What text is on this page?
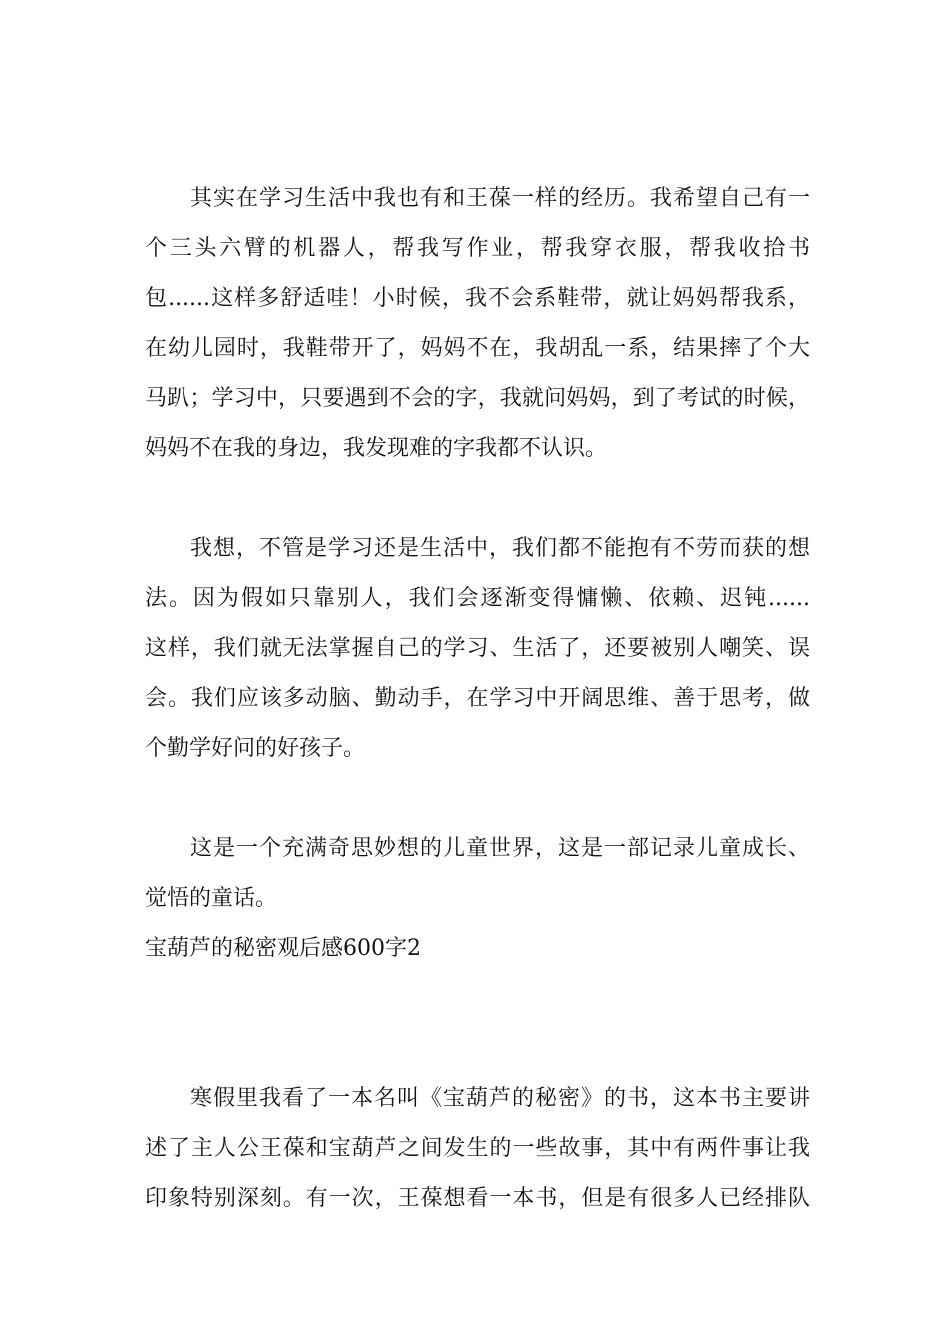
其实在学习生活中我也有和王葆一样的经历。我希望自己有一
个三头六臂的机器人，帮我写作业，帮我穿衣服，帮我收拾书
包......这样多舒适哇！小时候，我不会系鞋带，就让妈妈帮我系，
在幼儿园时，我鞋带开了，妈妈不在，我胡乱一系，结果摔了个大
马趴；学习中，只要遇到不会的字，我就问妈妈，到了考试的时候，
妈妈不在我的身边，我发现难的字我都不认识。
我想，不管是学习还是生活中，我们都不能抱有不劳而获的想
法。因为假如只靠别人，我们会逐渐变得慵懒、依赖、迟钝......
这样，我们就无法掌握自己的学习、生活了，还要被别人嘲笑、误
会。我们应该多动脑、勤动手，在学习中开阔思维、善于思考，做
个勤学好问的好孩子。
这是一个充满奇思妙想的儿童世界，这是一部记录儿童成长、
觉悟的童话。
宝葫芦的秘密观后感600字2
寒假里我看了一本名叫《宝葫芦的秘密》的书，这本书主要讲
述了主人公王葆和宝葫芦之间发生的一些故事，其中有两件事让我
印象特别深刻。有一次，王葆想看一本书，但是有很多人已经排队
